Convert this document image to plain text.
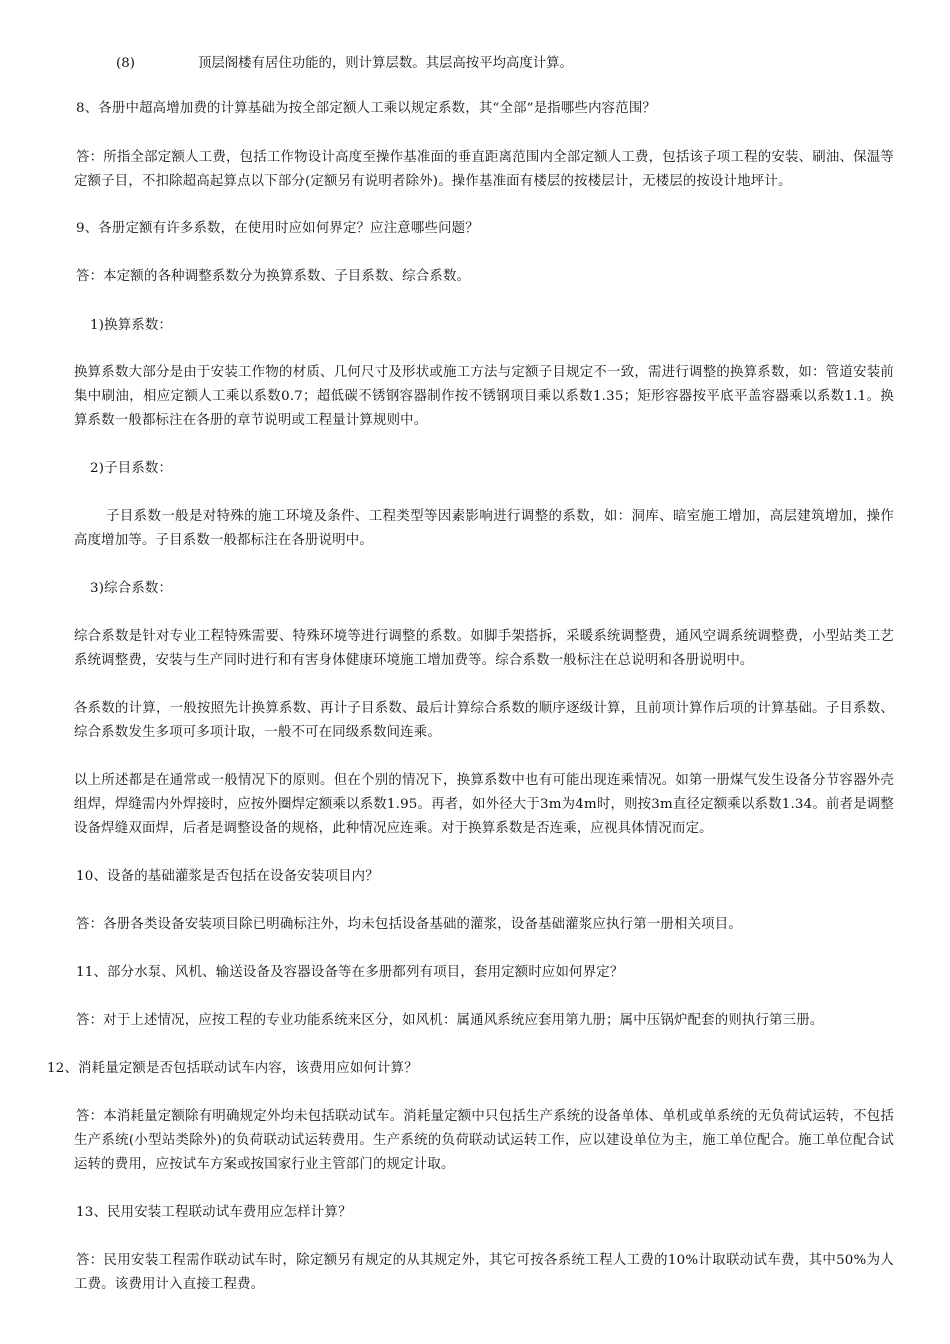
(8)	顶层阁楼有居住功能的，则计算层数。其层高按平均高度计算。

8、各册中超高增加费的计算基础为按全部定额人工乘以规定系数，其“全部”是指哪些内容范围？

答：所指全部定额人工费，包括工作物设计高度至操作基准面的垂直距离范围内全部定额人工费，包括该子项工程的安装、刷油、保温等定额子目，不扣除超高起算点以下部分(定额另有说明者除外)。操作基准面有楼层的按楼层计，无楼层的按设计地坪计。

9、各册定额有许多系数，在使用时应如何界定？应注意哪些问题？

答：本定额的各种调整系数分为换算系数、子目系数、综合系数。

1)换算系数：

换算系数大部分是由于安装工作物的材质、几何尺寸及形状或施工方法与定额子目规定不一致，需进行调整的换算系数，如：管道安装前集中刷油，相应定额人工乘以系数0.7；超低碳不锈钢容器制作按不锈钢项目乘以系数1.35；矩形容器按平底平盖容器乘以系数1.1。换算系数一般都标注在各册的章节说明或工程量计算规则中。

2)子目系数：

子目系数一般是对特殊的施工环境及条件、工程类型等因素影响进行调整的系数，如：洞库、暗室施工增加，高层建筑增加，操作高度增加等。子目系数一般都标注在各册说明中。

3)综合系数：

综合系数是针对专业工程特殊需要、特殊环境等进行调整的系数。如脚手架搭拆，采暖系统调整费，通风空调系统调整费，小型站类工艺系统调整费，安装与生产同时进行和有害身体健康环境施工增加费等。综合系数一般标注在总说明和各册说明中。

各系数的计算，一般按照先计换算系数、再计子目系数、最后计算综合系数的顺序逐级计算，且前项计算作后项的计算基础。子目系数、综合系数发生多项可多项计取，一般不可在同级系数间连乘。

以上所述都是在通常或一般情况下的原则。但在个别的情况下，换算系数中也有可能出现连乘情况。如第一册煤气发生设备分节容器外壳组焊，焊缝需内外焊接时，应按外圈焊定额乘以系数1.95。再者，如外径大于3m为4m时，则按3m直径定额乘以系数1.34。前者是调整设备焊缝双面焊，后者是调整设备的规格，此种情况应连乘。对于换算系数是否连乘，应视具体情况而定。

10、设备的基础灌浆是否包括在设备安装项目内？

答：各册各类设备安装项目除已明确标注外，均未包括设备基础的灌浆，设备基础灌浆应执行第一册相关项目。

11、部分水泵、风机、输送设备及容器设备等在多册都列有项目，套用定额时应如何界定？

答：对于上述情况，应按工程的专业功能系统来区分，如风机：属通风系统应套用第九册；属中压锅炉配套的则执行第三册。

12、消耗量定额是否包括联动试车内容，该费用应如何计算？

答：本消耗量定额除有明确规定外均未包括联动试车。消耗量定额中只包括生产系统的设备单体、单机或单系统的无负荷试运转，不包括生产系统(小型站类除外)的负荷联动试运转费用。生产系统的负荷联动试运转工作，应以建设单位为主，施工单位配合。施工单位配合试运转的费用，应按试车方案或按国家行业主管部门的规定计取。

13、民用安装工程联动试车费用应怎样计算？

答：民用安装工程需作联动试车时，除定额另有规定的从其规定外，其它可按各系统工程人工费的10%计取联动试车费，其中50%为人工费。该费用计入直接工程费。
